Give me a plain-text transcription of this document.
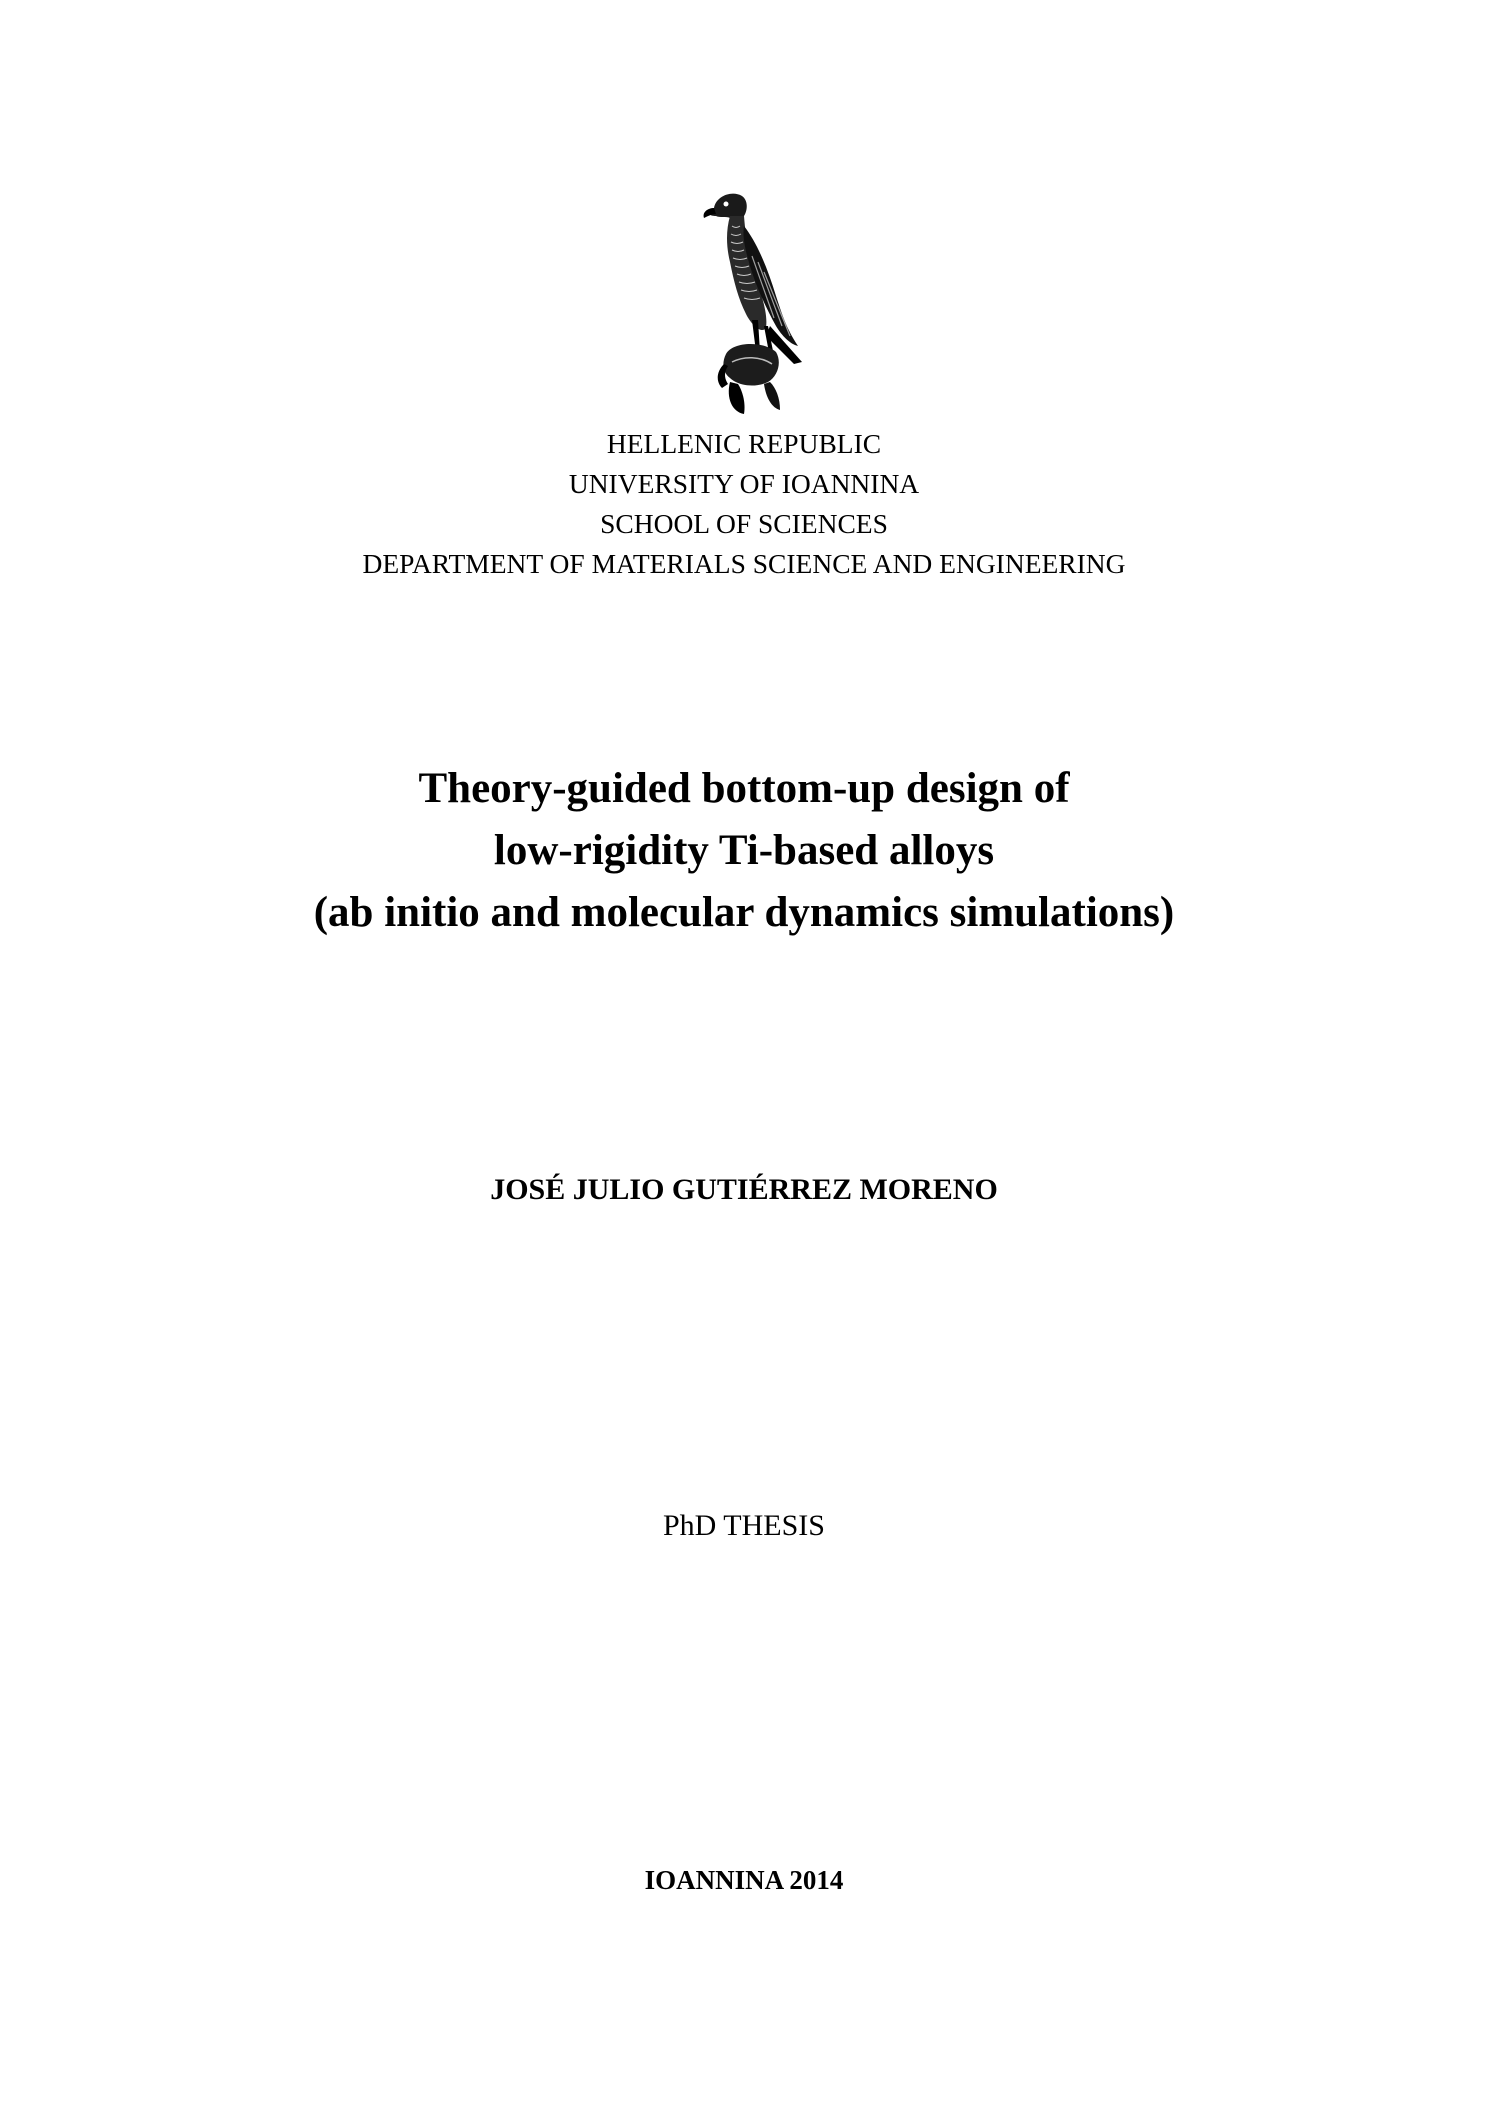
HELLENIC REPUBLIC
UNIVERSITY OF IOANNINA
SCHOOL OF SCIENCES
DEPARTMENT OF MATERIALS SCIENCE AND ENGINEERING
Theory-guided bottom-up design of
low-rigidity Ti-based alloys
(ab initio and molecular dynamics simulations)
JOSÉ JULIO GUTIÉRREZ MORENO
PhD THESIS
IOANNINA 2014
